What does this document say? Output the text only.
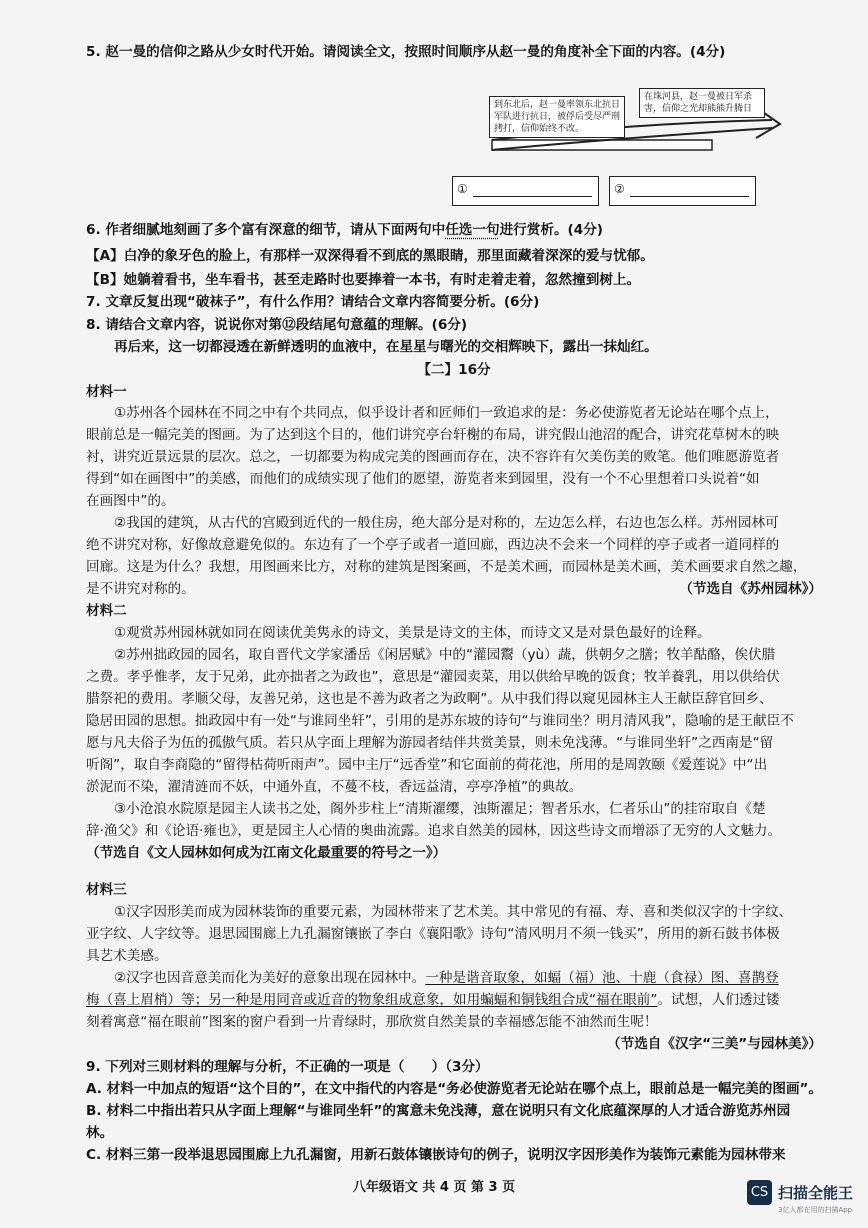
5. 赵一曼的信仰之路从少女时代开始。请阅读全文，按照时间顺序从赵一曼的角度补全下面的内容。(4分)
到东北后，赵一曼率领东北抗日军队进行抗日，被俘后受尽严刑拷打，信仰始终不改。
在珠河县，赵一曼被日军杀害，信仰之光却熊熊升腾日
①	②
6. 作者细腻地刻画了多个富有深意的细节，请从下面两句中任选一句进行赏析。(4分)
【A】白净的象牙色的脸上，有那样一双深得看不到底的黑眼睛，那里面藏着深深的爱与忧郁。
【B】她躺着看书，坐车看书，甚至走路时也要捧着一本书，有时走着走着，忽然撞到树上。
7. 文章反复出现“破袜子”，有什么作用？请结合文章内容简要分析。(6分)
8. 请结合文章内容，说说你对第⑫段结尾句意蕴的理解。(6分)
再后来，这一切都浸透在新鲜透明的血液中，在星星与曙光的交相辉映下，露出一抹灿红。
【二】16分
材料一
①苏州各个园林在不同之中有个共同点，似乎设计者和匠师们一致追求的是：务必使游览者无论站在哪个点上，
眼前总是一幅完美的图画。为了达到这个目的，他们讲究亭台轩榭的布局，讲究假山池沼的配合，讲究花草树木的映
衬，讲究近景远景的层次。总之，一切都要为构成完美的图画而存在，决不容许有欠美伤美的败笔。他们唯愿游览者
得到“如在画图中”的美感，而他们的成绩实现了他们的愿望，游览者来到园里，没有一个不心里想着口头说着“如
在画图中”的。
②我国的建筑，从古代的宫殿到近代的一般住房，绝大部分是对称的，左边怎么样，右边也怎么样。苏州园林可
绝不讲究对称，好像故意避免似的。东边有了一个亭子或者一道回廊，西边决不会来一个同样的亭子或者一道同样的
回廊。这是为什么？我想，用图画来比方，对称的建筑是图案画，不是美术画，而园林是美术画，美术画要求自然之趣，
是不讲究对称的。	（节选自《苏州园林》）
材料二
①观赏苏州园林就如同在阅读优美隽永的诗文，美景是诗文的主体，而诗文又是对景色最好的诠释。
②苏州拙政园的园名，取自晋代文学家潘岳《闲居赋》中的“灌园鬻（yù）蔬，供朝夕之膳；牧羊酤酪，俟伏腊
之费。孝乎惟孝，友于兄弟，此亦拙者之为政也”，意思是“灌园卖菜，用以供给早晚的饭食；牧羊養乳，用以供给伏
腊祭祀的费用。孝顺父母，友善兄弟，这也是不善为政者之为政啊”。从中我们得以窥见园林主人王献臣辞官回乡、
隐居田园的思想。拙政园中有一处“与谁同坐轩”，引用的是苏东坡的诗句“与谁同坐？明月清风我”，隐喻的是王献臣不
愿与凡夫俗子为伍的孤傲气质。若只从字面上理解为游园者结伴共赏美景，则未免浅薄。“与谁同坐轩”之西南是“留
听阁”，取自李商隐的“留得枯荷听雨声”。园中主厅“远香堂”和它面前的荷花池，所用的是周敦颐《爱莲说》中“出
淤泥而不染，濯清涟而不妖，中通外直，不蔓不枝，香远益清，亭亭净植”的典故。
③小沧浪水院原是园主人读书之处，阁外步柱上“清斯濯缨，浊斯濯足；智者乐水，仁者乐山”的挂帘取自《楚
辞·渔父》和《论语·雍也》，更是园主人心情的奥曲流露。追求自然美的园林，因这些诗文而增添了无穷的人文魅力。
（节选自《文人园林如何成为江南文化最重要的符号之一》）
材料三
①汉字因形美而成为园林装饰的重要元素，为园林带来了艺术美。其中常见的有福、寿、喜和类似汉字的十字纹、
亚字纹、人字纹等。退思园围廊上九孔漏窗镶嵌了李白《襄阳歌》诗句“清风明月不须一钱买”，所用的新石鼓书体极
具艺术美感。
②汉字也因音意美而化为美好的意象出现在园林中。一种是谐音取象，如蝠（福）池、十鹿（食禄）图、喜鹊登
梅（喜上眉梢）等；另一种是用同音或近音的物象组成意象，如用蝙蝠和铜钱组合成“福在眼前”。试想，人们透过镂
刻着寓意“福在眼前”图案的窗户看到一片青绿时，那欣赏自然美景的幸福感怎能不油然而生呢！
（节选自《汉字“三美”与园林美》）
9. 下列对三则材料的理解与分析，不正确的一项是（　　）（3分）
A. 材料一中加点的短语“这个目的”，在文中指代的内容是“务必使游览者无论站在哪个点上，眼前总是一幅完美的图画”。
B. 材料二中指出若只从字面上理解“与谁同坐轩”的寓意未免浅薄，意在说明只有文化底蕴深厚的人才适合游览苏州园
林。
C. 材料三第一段举退思园围廊上九孔漏窗，用新石鼓体镶嵌诗句的例子，说明汉字因形美作为装饰元素能为园林带来
八年级语文 共 4 页 第 3 页	CS 扫描全能王
3亿人都在用的扫描App
